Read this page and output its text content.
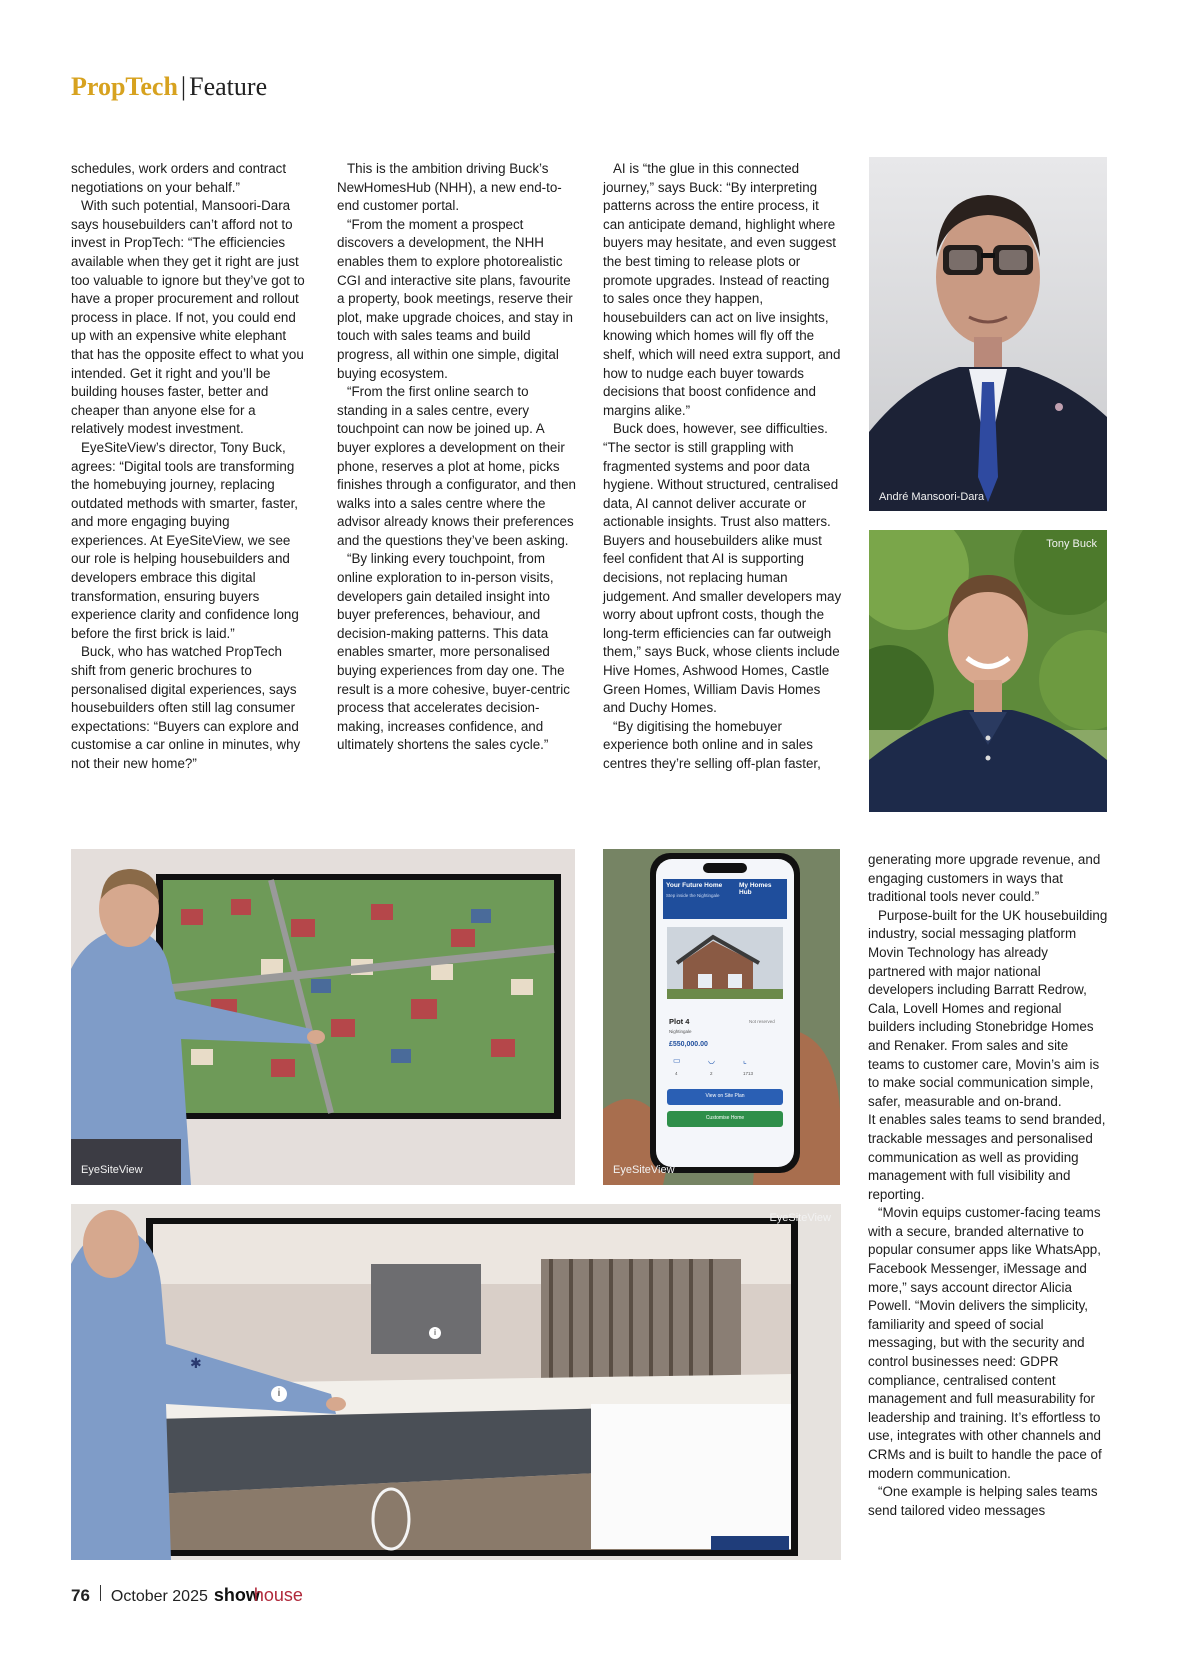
PropTech | Feature

schedules, work orders and contract negotiations on your behalf.”

With such potential, Mansoori-Dara says housebuilders can’t afford not to invest in PropTech: “The efficiencies available when they get it right are just too valuable to ignore but they’ve got to have a proper procurement and rollout process in place. If not, you could end up with an expensive white elephant that has the opposite effect to what you intended. Get it right and you’ll be building houses faster, better and cheaper than anyone else for a relatively modest investment.

EyeSiteView’s director, Tony Buck, agrees: “Digital tools are transforming the homebuying journey, replacing outdated methods with smarter, faster, and more engaging buying experiences. At EyeSiteView, we see our role is helping housebuilders and developers embrace this digital transformation, ensuring buyers experience clarity and confidence long before the first brick is laid.”

Buck, who has watched PropTech shift from generic brochures to personalised digital experiences, says housebuilders often still lag consumer expectations: “Buyers can explore and customise a car online in minutes, why not their new home?”

This is the ambition driving Buck’s NewHomesHub (NHH), a new end-to-end customer portal.

“From the moment a prospect discovers a development, the NHH enables them to explore photorealistic CGI and interactive site plans, favourite a property, book meetings, reserve their plot, make upgrade choices, and stay in touch with sales teams and build progress, all within one simple, digital buying ecosystem.

“From the first online search to standing in a sales centre, every touchpoint can now be joined up. A buyer explores a development on their phone, reserves a plot at home, picks finishes through a configurator, and then walks into a sales centre where the advisor already knows their preferences and the questions they’ve been asking.

“By linking every touchpoint, from online exploration to in-person visits, developers gain detailed insight into buyer preferences, behaviour, and decision-making patterns. This data enables smarter, more personalised buying experiences from day one. The result is a more cohesive, buyer-centric process that accelerates decision-making, increases confidence, and ultimately shortens the sales cycle.”

AI is “the glue in this connected journey,” says Buck: “By interpreting patterns across the entire process, it can anticipate demand, highlight where buyers may hesitate, and even suggest the best timing to release plots or promote upgrades. Instead of reacting to sales once they happen, housebuilders can act on live insights, knowing which homes will fly off the shelf, which will need extra support, and how to nudge each buyer towards decisions that boost confidence and margins alike.”

Buck does, however, see difficulties. “The sector is still grappling with fragmented systems and poor data hygiene. Without structured, centralised data, AI cannot deliver accurate or actionable insights. Trust also matters. Buyers and housebuilders alike must feel confident that AI is supporting decisions, not replacing human judgement. And smaller developers may worry about upfront costs, though the long-term efficiencies can far outweigh them,” says Buck, whose clients include Hive Homes, Ashwood Homes, Castle Green Homes, William Davis Homes and Duchy Homes.

“By digitising the homebuyer experience both online and in sales centres they’re selling off-plan faster,

generating more upgrade revenue, and engaging customers in ways that traditional tools never could.”

Purpose-built for the UK housebuilding industry, social messaging platform Movin Technology has already partnered with major national developers including Barratt Redrow, Cala, Lovell Homes and regional builders including Stonebridge Homes and Renaker. From sales and site teams to customer care, Movin’s aim is to make social communication simple, safer, measurable and on-brand.

It enables sales teams to send branded, trackable messages and personalised communication as well as providing management with full visibility and reporting.

“Movin equips customer-facing teams with a secure, branded alternative to popular consumer apps like WhatsApp, Facebook Messenger, iMessage and more,” says account director Alicia Powell. “Movin delivers the simplicity, familiarity and speed of social messaging, but with the security and control businesses need: GDPR compliance, centralised content management and full measurability for leadership and training. It’s effortless to use, integrates with other channels and CRMs and is built to handle the pace of modern communication.

“One example is helping sales teams send tailored video messages

André Mansoori-Dara
Tony Buck
EyeSiteView
Your Future Home
Step inside the Nightingale
My Homes Hub
Plot 4
Nightingale
Not reserved
£550,000.00
▭	◡	⌞
4	2	1713
View on Site Plan
Customise Home
EyeSiteView
✱
i
i
EyeSiteView
76 October 2025 showhouse
